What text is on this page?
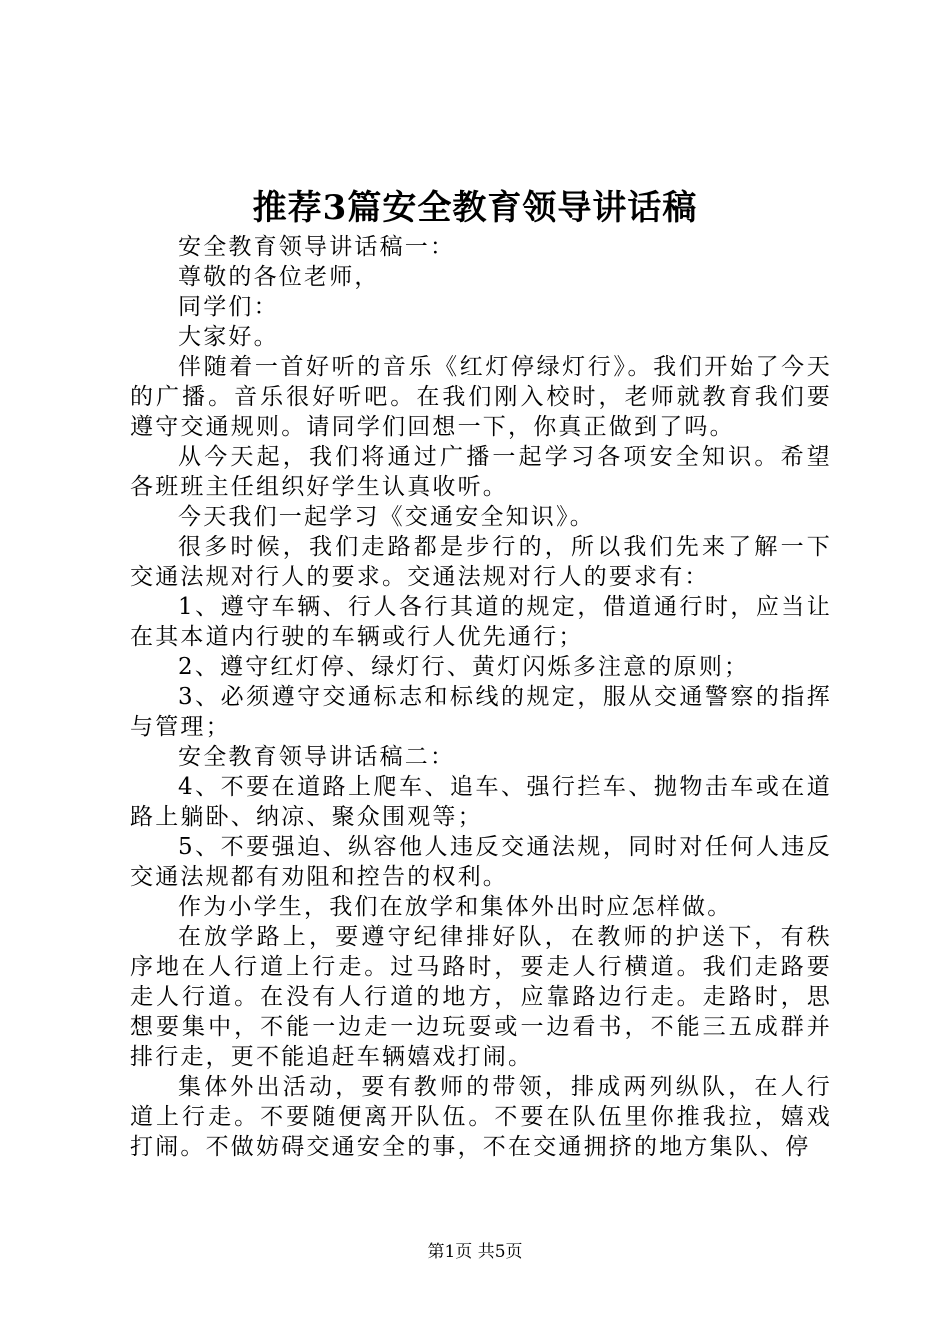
推荐3篇安全教育领导讲话稿

安全教育领导讲话稿一：

尊敬的各位老师，

同学们：

大家好。

伴随着一首好听的音乐《红灯停绿灯行》。我们开始了今天的广播。音乐很好听吧。在我们刚入校时，老师就教育我们要遵守交通规则。请同学们回想一下，你真正做到了吗。

从今天起，我们将通过广播一起学习各项安全知识。希望各班班主任组织好学生认真收听。

今天我们一起学习《交通安全知识》。

很多时候，我们走路都是步行的，所以我们先来了解一下交通法规对行人的要求。交通法规对行人的要求有：

1、遵守车辆、行人各行其道的规定，借道通行时，应当让在其本道内行驶的车辆或行人优先通行；

2、遵守红灯停、绿灯行、黄灯闪烁多注意的原则；

3、必须遵守交通标志和标线的规定，服从交通警察的指挥与管理；

安全教育领导讲话稿二：

4、不要在道路上爬车、追车、强行拦车、抛物击车或在道路上躺卧、纳凉、聚众围观等；

5、不要强迫、纵容他人违反交通法规，同时对任何人违反交通法规都有劝阻和控告的权利。

作为小学生，我们在放学和集体外出时应怎样做。

在放学路上，要遵守纪律排好队，在教师的护送下，有秩序地在人行道上行走。过马路时，要走人行横道。我们走路要走人行道。在没有人行道的地方，应靠路边行走。走路时，思想要集中，不能一边走一边玩耍或一边看书，不能三五成群并排行走，更不能追赶车辆嬉戏打闹。

集体外出活动，要有教师的带领，排成两列纵队，在人行道上行走。不要随便离开队伍。不要在队伍里你推我拉，嬉戏打闹。不做妨碍交通安全的事，不在交通拥挤的地方集队、停

第1页 共5页
